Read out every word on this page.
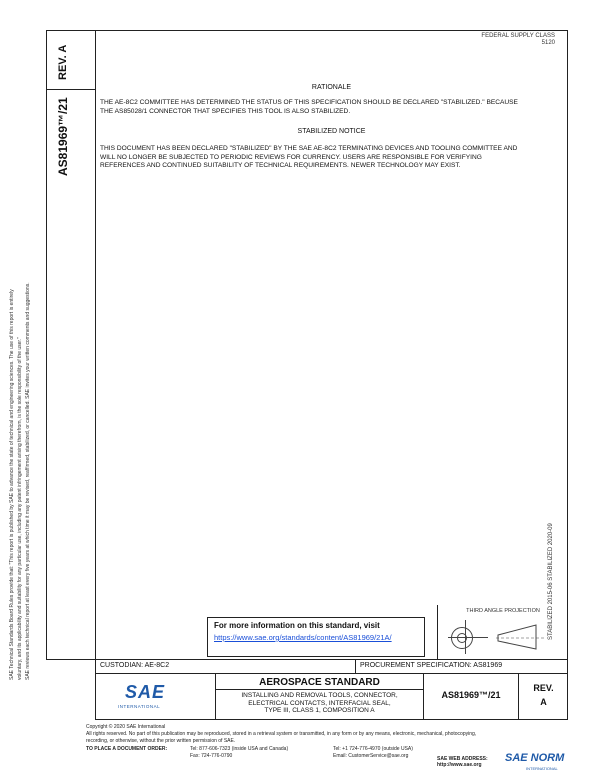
REV. A
AS81969™/21
FEDERAL SUPPLY CLASS
5120
RATIONALE
THE AE-8C2 COMMITTEE HAS DETERMINED THE STATUS OF THIS SPECIFICATION SHOULD BE DECLARED "STABILIZED." BECAUSE THE AS85028/1 CONNECTOR THAT SPECIFIES THIS TOOL IS ALSO STABILIZED.
STABILIZED NOTICE
THIS DOCUMENT HAS BEEN DECLARED "STABILIZED" BY THE SAE AE-8C2 TERMINATING DEVICES AND TOOLING COMMITTEE AND WILL NO LONGER BE SUBJECTED TO PERIODIC REVIEWS FOR CURRENCY. USERS ARE RESPONSIBLE FOR VERIFYING REFERENCES AND CONTINUED SUITABILITY OF TECHNICAL REQUIREMENTS. NEWER TECHNOLOGY MAY EXIST.
SAE Technical Standards Board Rules provide that: "This report is published by SAE to advance the state of technical and engineering sciences. The use of this report is entirely voluntary, and its applicability and suitability for any particular use, including any patent infringement arising therefrom, is the sole responsibility of the user." SAE reviews each technical report at least every five years at which time it may be revised, reaffirmed, stabilized, or cancelled. SAE invites your written comments and suggestions.	STABILIZED 2015-06 STABILIZED 2020-09
THIRD ANGLE PROJECTION
For more information on this standard, visit
https://www.sae.org/standards/content/AS81969/21A/
CUSTODIAN: AE-8C2	PROCUREMENT SPECIFICATION: AS81969
SAE
INTERNATIONAL
AEROSPACE STANDARD
INSTALLING AND REMOVAL TOOLS, CONNECTOR,
ELECTRICAL CONTACTS, INTERFACIAL SEAL,
TYPE III, CLASS 1, COMPOSITION A
AS81969™/21
REV.
A
Copyright © 2020 SAE International
All rights reserved. No part of this publication may be reproduced, stored in a retrieval system or transmitted, in any form or by any means, electronic, mechanical, photocopying,
recording, or otherwise, without the prior written permission of SAE.
TO PLACE A DOCUMENT ORDER:	Tel: 877-606-7323 (inside USA and Canada)
Fax: 724-776-0790
Tel: +1 724-776-4970 (outside USA)
Email: CustomerService@sae.org	SAE WEB ADDRESS: http://www.sae.org
SAE NORM
INTERNATIONAL
